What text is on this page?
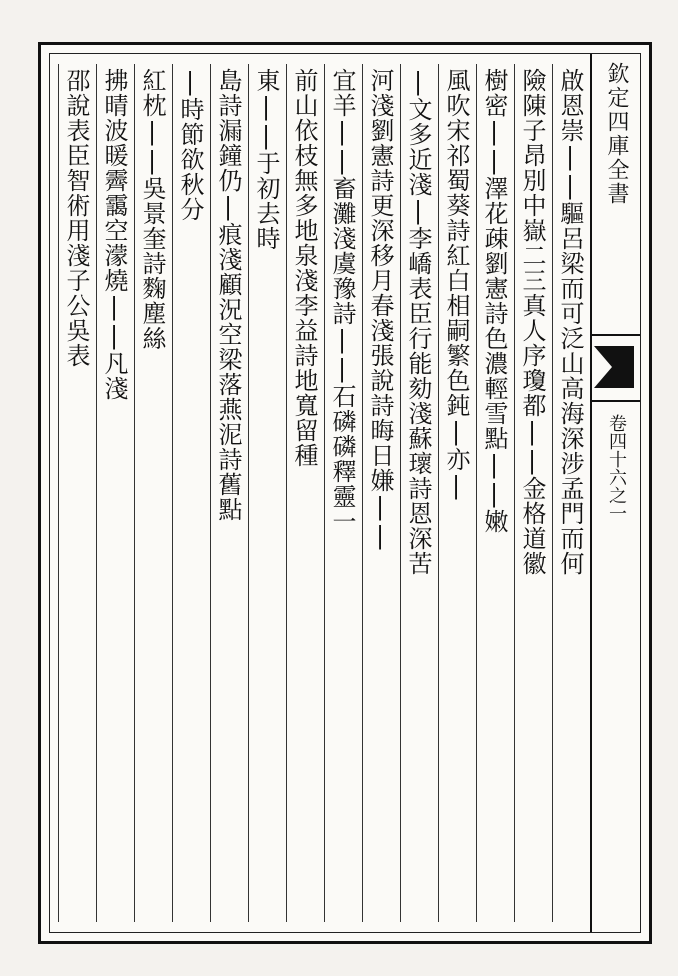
啟恩崇||驅呂梁而可泛山高海深涉孟門而何
險陳子昂別中嶽二三真人序瓊都||金格道徽
樹密||澤花疎劉憲詩色濃輕雪點||嫩
風吹宋祁蜀葵詩紅白相嗣繁色鈍|亦|
|文多近淺|李嶠表臣行能劾淺蘇瓌詩恩深苦
河淺劉憲詩更深移月春淺張說詩晦日嫌||
宜羊||畜灘淺虞豫詩||石磷磷釋靈一
前山依枝無多地泉淺李益詩地寬留種
東||于初去時
島詩漏鐘仍|痕淺顧況空梁落燕泥詩舊點
|時節欲秋分
紅枕||吳景奎詩麴塵絲
拂晴波暖霽靄空濛燒||凡淺
邵說表臣智術用淺子公吳表	欽定四庫全書
卷四十六之一
